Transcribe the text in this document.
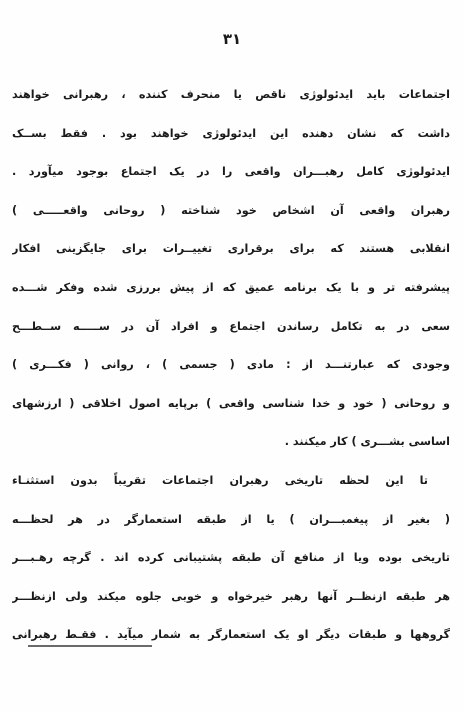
۳۱
اجتماعات باید ایدئولوژی ناقص یا منحرف کننده ، رهبرانی خواهند
داشت که نشان دهنده این ایدئولوژی خواهند بود . فقط بســک
ایدئولوژی کامل رهبـــران واقعی را در یک اجتماع بوجود میآورد .
رهبران واقعی آن اشخاص خود شناخته ( روحانی واقعـــــی )
انقلابی هستند که برای برقراری تغییــرات برای جایگزینی افکار
پیشرفته تر و با یک برنامه عمیق که از پیش بررزی شده وفکر شـــده
سعی در به تکامل رساندن اجتماع و افراد آن در ســـــه ســطـــح
وجودی که عبارتنـــد از : مادی ( جسمی ) ، روانی ( فکـــری )
و روحانی ( خود و خدا شناسی واقعی ) برپایه اصول اخلاقی ( ارزشهای
اساسی بشـــری ) کار میکنند .
تا این لحظه تاریخی رهبران اجتماعات تقریباً بدون استثنـاء
( بغیر از پیغمبـــران ) یا از طبقه استعمارگر در هر لحظـــه
تاریخی بوده ویا از منافع آن طبقه پشتیبانی کرده اند . گرچه رهـبـــر
هر طبقه ازنظــر آنها رهبر خیرخواه و خوبی جلوه میکند ولی ازنظـــر
گروهها و طبقات دیگر او یک استعمارگر به شمار میآید . فقـط رهبرانی
